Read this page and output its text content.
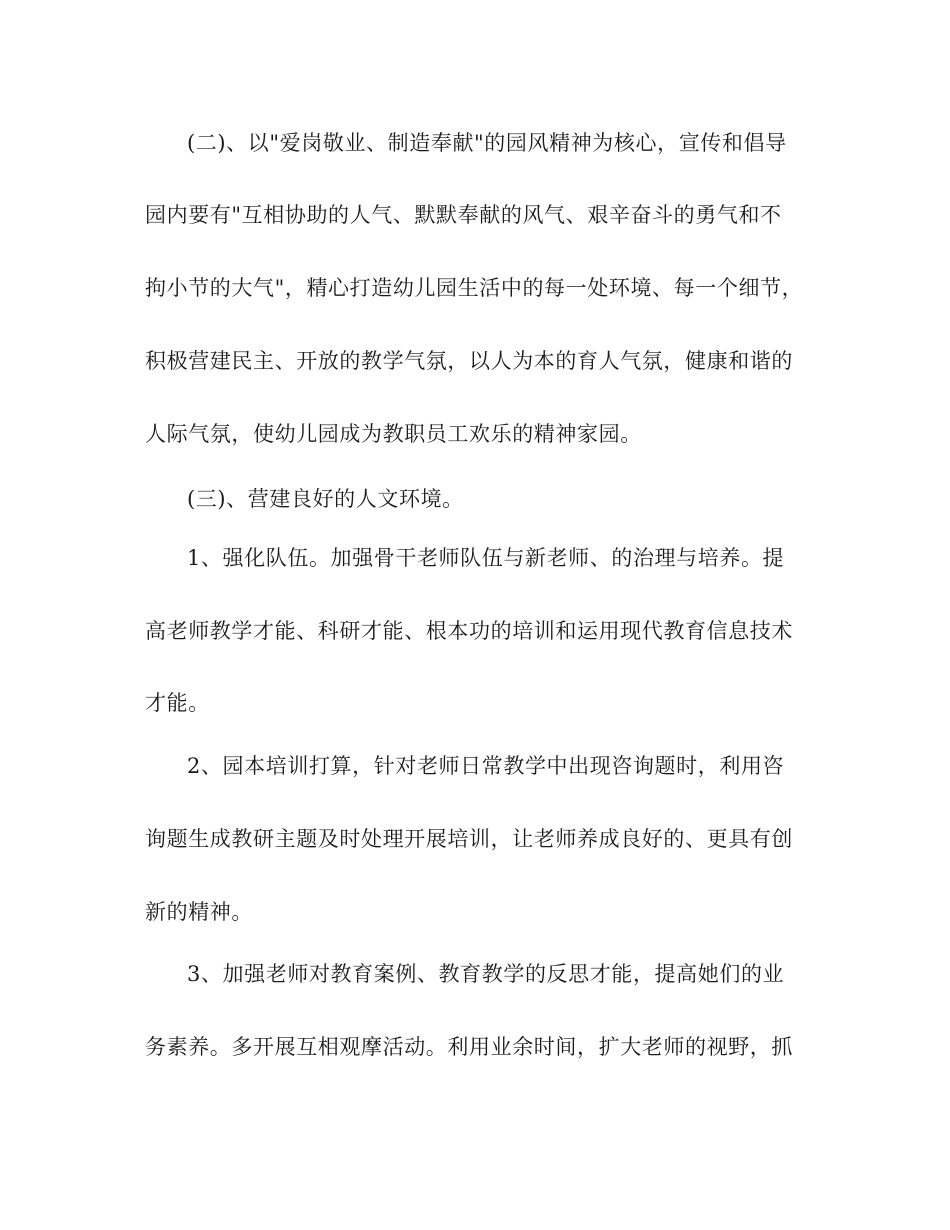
(二)、以"爱岗敬业、制造奉献"的园风精神为核心，宣传和倡导

园内要有"互相协助的人气、默默奉献的风气、艰辛奋斗的勇气和不

拘小节的大气"，精心打造幼儿园生活中的每一处环境、每一个细节，

积极营建民主、开放的教学气氛，以人为本的育人气氛，健康和谐的

人际气氛，使幼儿园成为教职员工欢乐的精神家园。

(三)、营建良好的人文环境。

1、强化队伍。加强骨干老师队伍与新老师、的治理与培养。提

高老师教学才能、科研才能、根本功的培训和运用现代教育信息技术

才能。

2、园本培训打算，针对老师日常教学中出现咨询题时，利用咨

询题生成教研主题及时处理开展培训，让老师养成良好的、更具有创

新的精神。

3、加强老师对教育案例、教育教学的反思才能，提高她们的业

务素养。多开展互相观摩活动。利用业余时间，扩大老师的视野，抓
